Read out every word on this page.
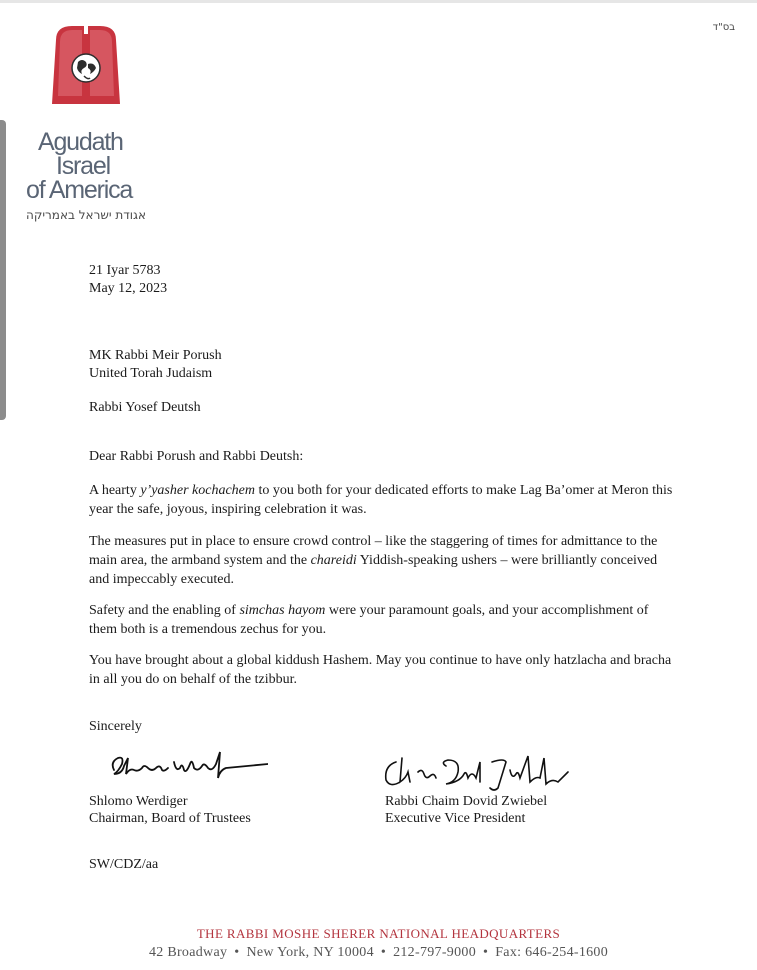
Agudath
Israel
of America
אגודת ישראל באמריקה
בס"ד
21 Iyar 5783
May 12, 2023
MK Rabbi Meir Porush
United Torah Judaism
Rabbi Yosef Deutsh
Dear Rabbi Porush and Rabbi Deutsh:
A hearty y’yasher kochachem to you both for your dedicated efforts to make Lag Ba’omer at Meron this year the safe, joyous, inspiring celebration it was.
The measures put in place to ensure crowd control – like the staggering of times for admittance to the main area, the armband system and the chareidi Yiddish-speaking ushers – were brilliantly conceived and impeccably executed.
Safety and the enabling of simchas hayom were your paramount goals, and your accomplishment of them both is a tremendous zechus for you.
You have brought about a global kiddush Hashem. May you continue to have only hatzlacha and bracha in all you do on behalf of the tzibbur.
Sincerely
Shlomo Werdiger
Chairman, Board of Trustees
Rabbi Chaim Dovid Zwiebel
Executive Vice President
SW/CDZ/aa
THE RABBI MOSHE SHERER NATIONAL HEADQUARTERS
42 Broadway • New York, NY 10004 • 212-797-9000 • Fax: 646-254-1600
